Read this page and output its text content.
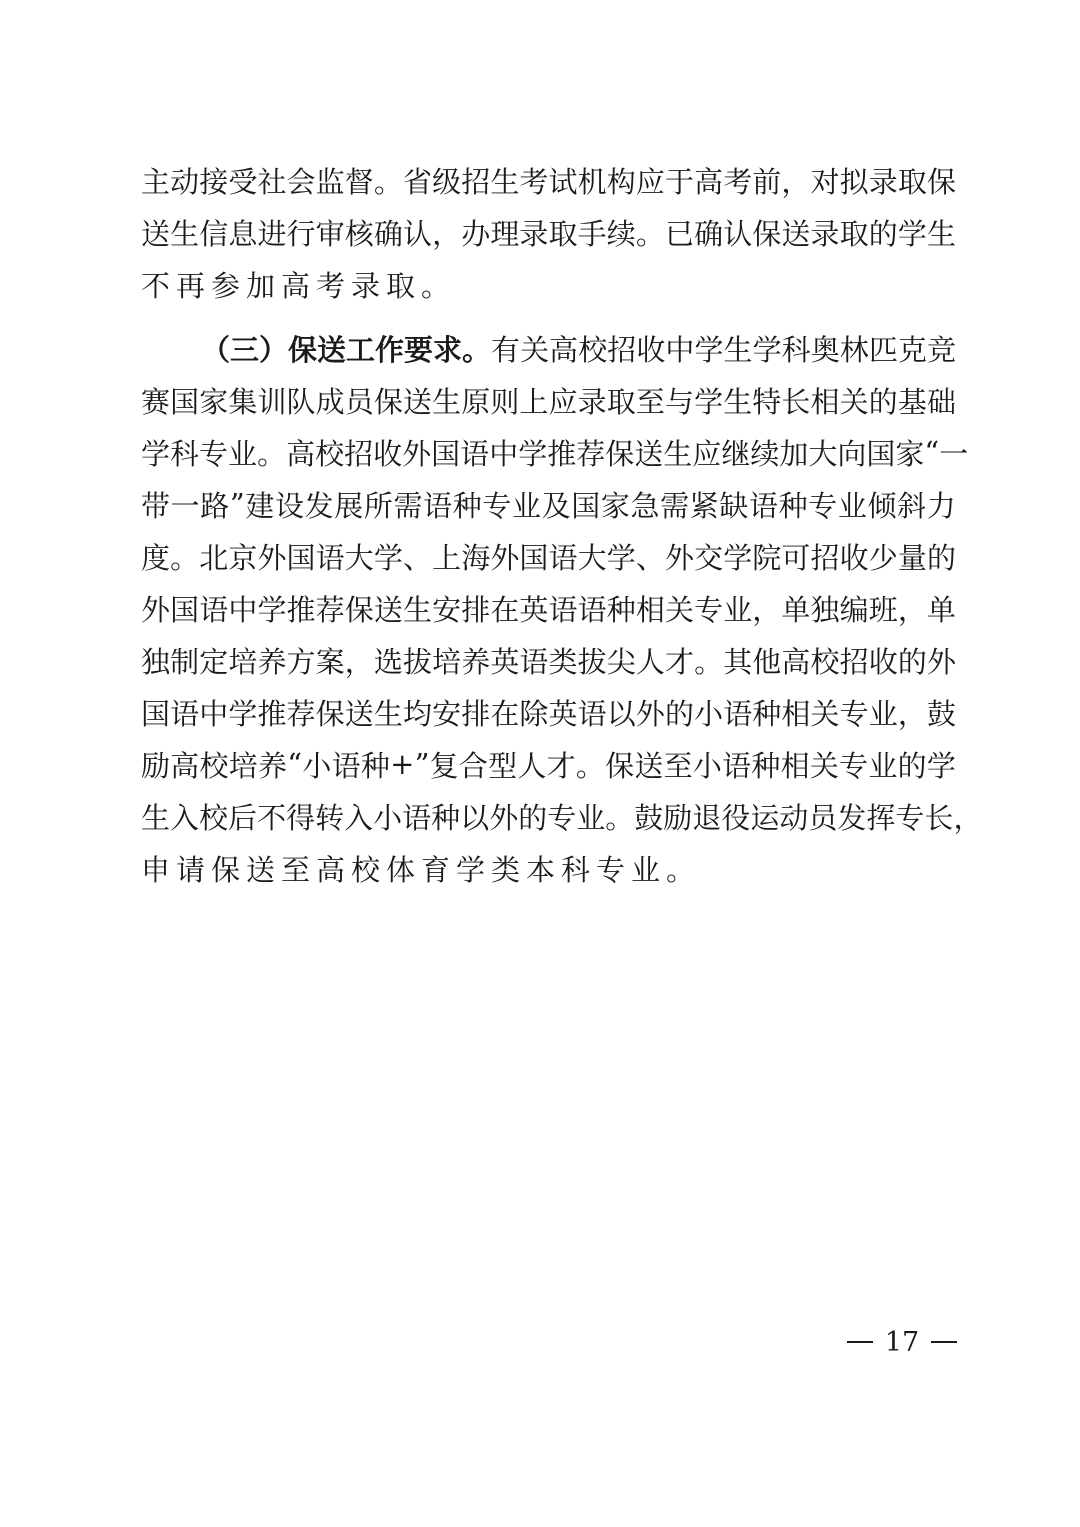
主 动 接 受 社 会 监 督 。 省 级 招 生 考 试 机 构 应 于 高 考 前 ， 对 拟 录 取 保
送 生 信 息 进 行 审 核 确 认 ， 办 理 录 取 手 续 。 已 确 认 保 送 录 取 的 学 生
不再参加高考录取。
（三）保送工作要求。 有 关 高 校 招 收 中 学 生 学 科 奥 林 匹 克 竞
赛 国 家 集 训 队 成 员 保 送 生 原 则 上 应 录 取 至 与 学 生 特 长 相 关 的 基 础
学 科 专 业 。 高 校 招 收 外 国 语 中 学 推 荐 保 送 生 应 继 续 加 大 向 国 家 “ 一
带 一 路 ” 建 设 发 展 所 需 语 种 专 业 及 国 家 急 需 紧 缺 语 种 专 业 倾 斜 力
度 。 北 京 外 国 语 大 学 、 上 海 外 国 语 大 学 、 外 交 学 院 可 招 收 少 量 的
外 国 语 中 学 推 荐 保 送 生 安 排 在 英 语 语 种 相 关 专 业 ， 单 独 编 班 ， 单
独 制 定 培 养 方 案 ， 选 拔 培 养 英 语 类 拔 尖 人 才 。 其 他 高 校 招 收 的 外
国 语 中 学 推 荐 保 送 生 均 安 排 在 除 英 语 以 外 的 小 语 种 相 关 专 业 ， 鼓
励 高 校 培 养 “ 小 语 种 + ” 复 合 型 人 才 。 保 送 至 小 语 种 相 关 专 业 的 学
生 入 校 后 不 得 转 入 小 语 种 以 外 的 专 业 。 鼓 励 退 役 运 动 员 发 挥 专 长 ，
申请保送至高校体育学类本科专业。
17
